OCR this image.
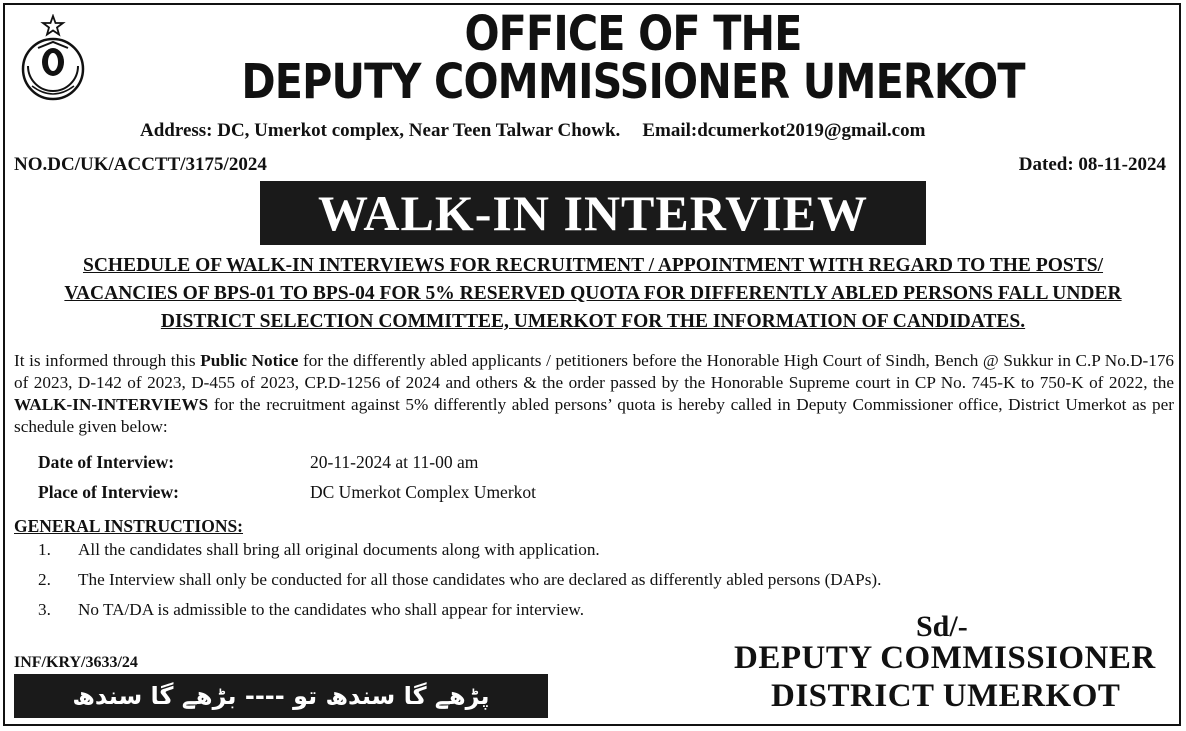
OFFICE OF THE
DEPUTY COMMISSIONER UMERKOT
Address: DC, Umerkot complex, Near Teen Talwar Chowk. Email:dcumerkot2019@gmail.com
NO.DC/UK/ACCTT/3175/2024	Dated: 08-11-2024
WALK-IN INTERVIEW
SCHEDULE OF WALK-IN INTERVIEWS FOR RECRUITMENT / APPOINTMENT WITH REGARD TO THE POSTS/
VACANCIES OF BPS-01 TO BPS-04 FOR 5% RESERVED QUOTA FOR DIFFERENTLY ABLED PERSONS FALL UNDER
DISTRICT SELECTION COMMITTEE, UMERKOT FOR THE INFORMATION OF CANDIDATES.
It is informed through this Public Notice for the differently abled applicants / petitioners before the Honorable High Court of Sindh, Bench @ Sukkur in C.P No.D-176 of 2023, D-142 of 2023, D-455 of 2023, CP.D-1256 of 2024 and others & the order passed by the Honorable Supreme court in CP No. 745-K to 750-K of 2022, the WALK-IN-INTERVIEWS for the recruitment against 5% differently abled persons’ quota is hereby called in Deputy Commissioner office, District Umerkot as per schedule given below:
Date of Interview:	20-11-2024 at 11-00 am
Place of Interview:	DC Umerkot Complex Umerkot
GENERAL INSTRUCTIONS:
1. All the candidates shall bring all original documents along with application.
2. The Interview shall only be conducted for all those candidates who are declared as differently abled persons (DAPs).
3. No TA/DA is admissible to the candidates who shall appear for interview.
Sd/-
INF/KRY/3633/24
پڑھے گا سندھ تو ---- بڑھے گا سندھ
DEPUTY COMMISSIONER
DISTRICT UMERKOT
